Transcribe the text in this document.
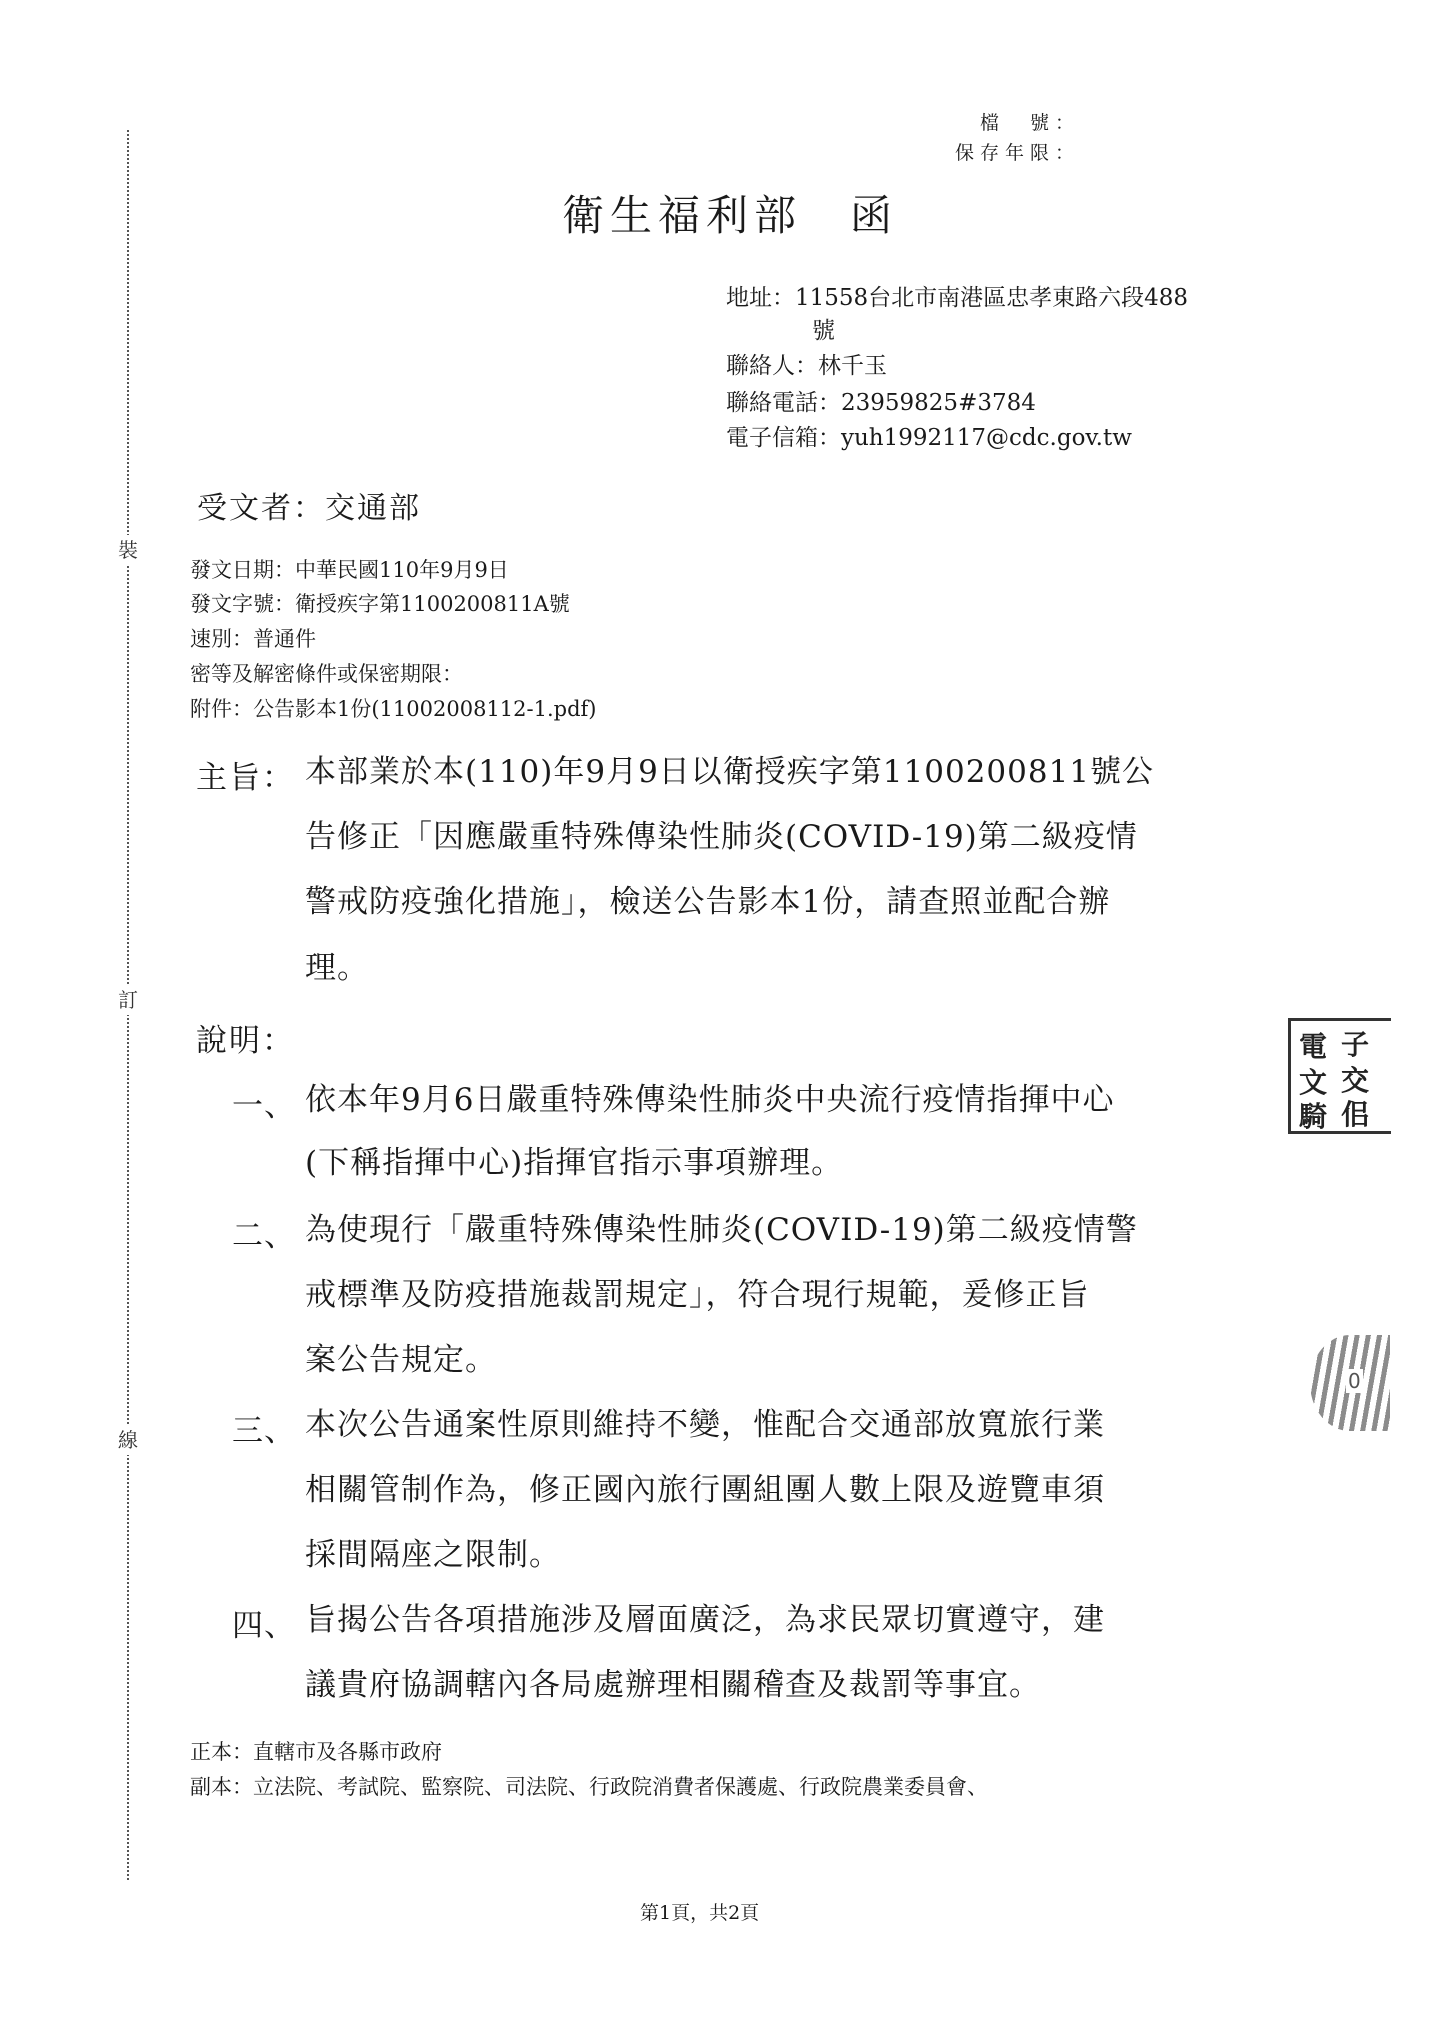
裝
訂
線
檔　號：
保存年限：
衛生福利部 函
地址：11558台北市南港區忠孝東路六段488
號
聯絡人：林千玉
聯絡電話：23959825#3784
電子信箱：yuh1992117@cdc.gov.tw
受文者：交通部
發文日期：中華民國110年9月9日
發文字號：衛授疾字第1100200811A號
速別：普通件
密等及解密條件或保密期限：
附件：公告影本1份(11002008112-1.pdf)
主旨： 本部業於本(110)年9月9日以衛授疾字第1100200811號公
告修正「因應嚴重特殊傳染性肺炎(COVID-19)第二級疫情
警戒防疫強化措施」，檢送公告影本1份，請查照並配合辦
理。
說明：
一、 依本年9月6日嚴重特殊傳染性肺炎中央流行疫情指揮中心
(下稱指揮中心)指揮官指示事項辦理。
二、 為使現行「嚴重特殊傳染性肺炎(COVID-19)第二級疫情警
戒標準及防疫措施裁罰規定」，符合現行規範，爰修正旨
案公告規定。
三、 本次公告通案性原則維持不變，惟配合交通部放寬旅行業
相關管制作為，修正國內旅行團組團人數上限及遊覽車須
採間隔座之限制。
四、 旨揭公告各項措施涉及層面廣泛，為求民眾切實遵守，建
議貴府協調轄內各局處辦理相關稽查及裁罰等事宜。
正本：直轄市及各縣市政府
副本：立法院、考試院、監察院、司法院、行政院消費者保護處、行政院農業委員會、
電 子
文 交
騎 佀
0
第1頁，共2頁
